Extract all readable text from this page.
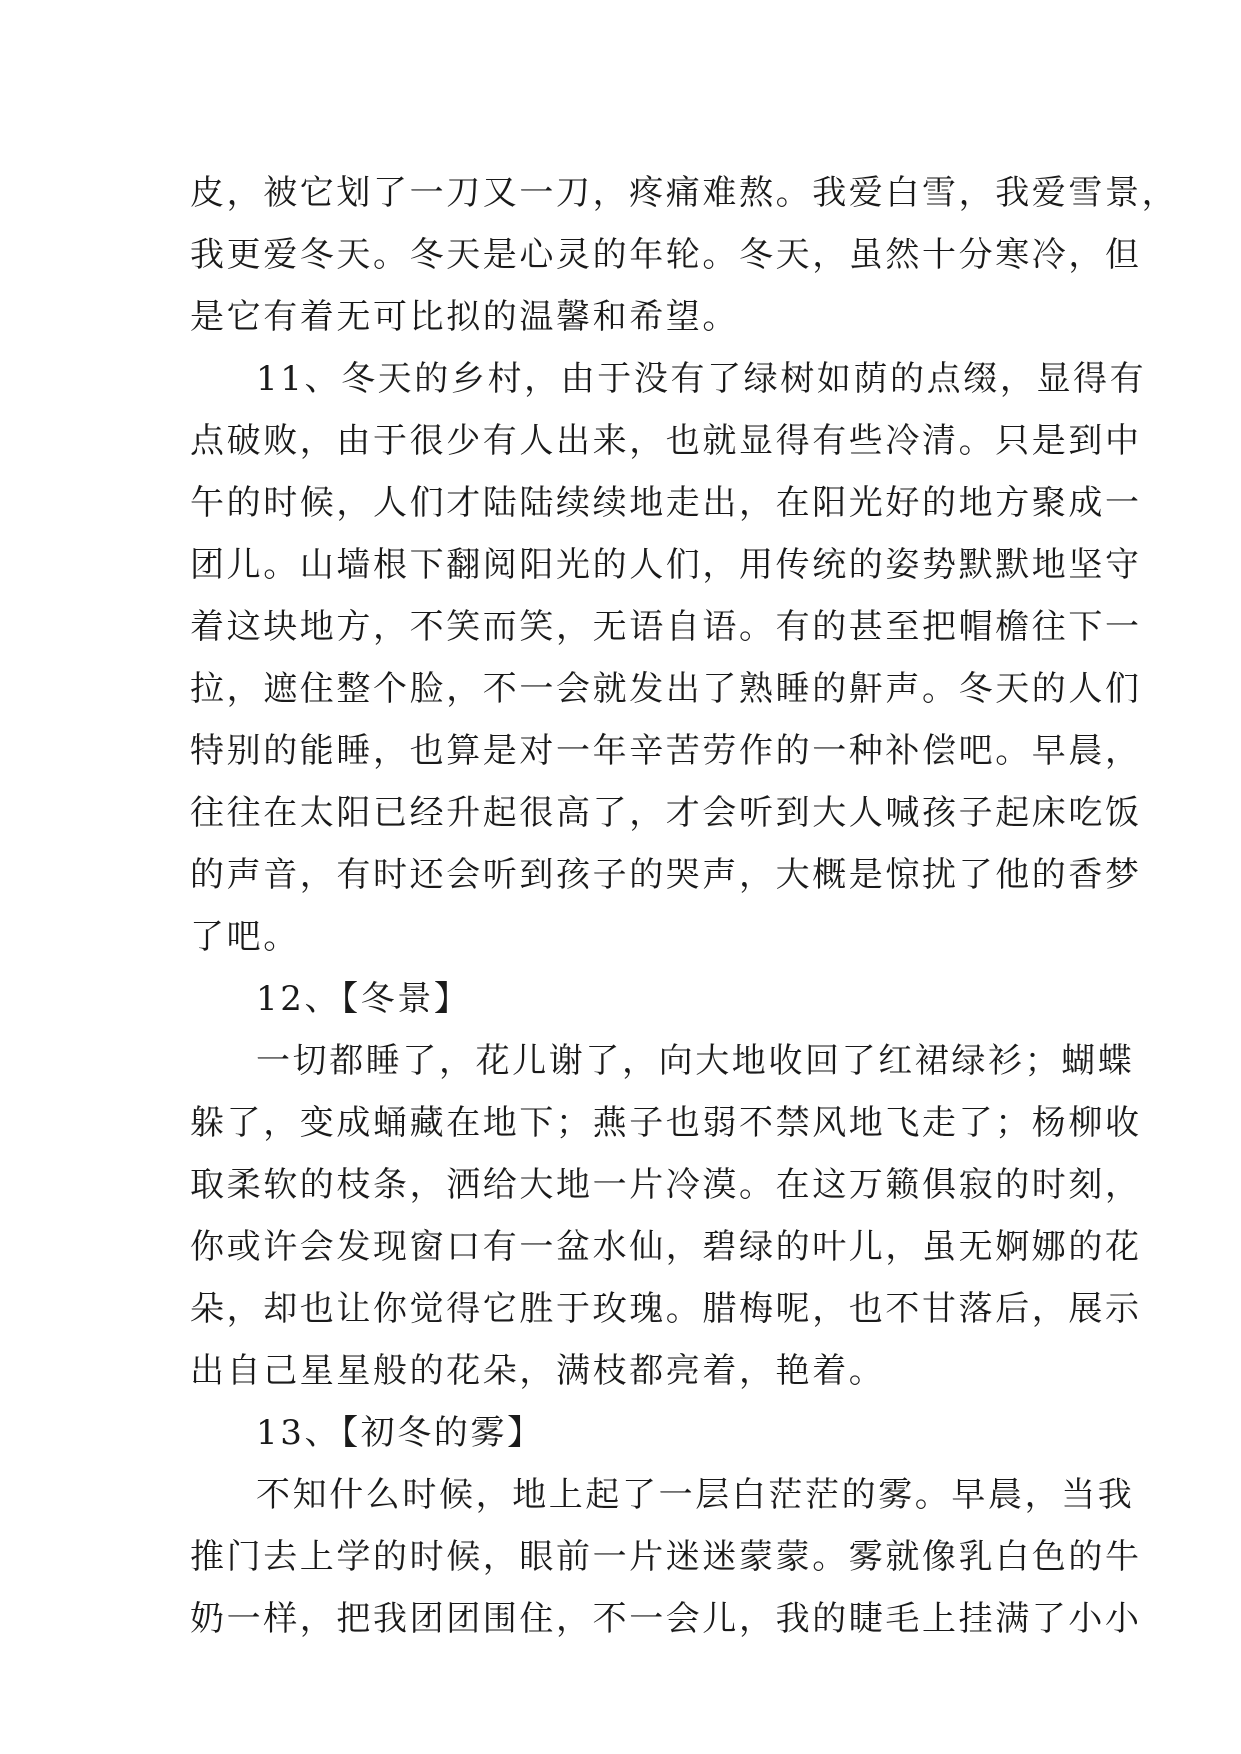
皮，被它划了一刀又一刀，疼痛难熬。我爱白雪，我爱雪景，
我更爱冬天。冬天是心灵的年轮。冬天，虽然十分寒冷，但
是它有着无可比拟的温馨和希望。
11、冬天的乡村，由于没有了绿树如荫的点缀，显得有
点破败，由于很少有人出来，也就显得有些冷清。只是到中
午的时候，人们才陆陆续续地走出，在阳光好的地方聚成一
团儿。山墙根下翻阅阳光的人们，用传统的姿势默默地坚守
着这块地方，不笑而笑，无语自语。有的甚至把帽檐往下一
拉，遮住整个脸，不一会就发出了熟睡的鼾声。冬天的人们
特别的能睡，也算是对一年辛苦劳作的一种补偿吧。早晨，
往往在太阳已经升起很高了，才会听到大人喊孩子起床吃饭
的声音，有时还会听到孩子的哭声，大概是惊扰了他的香梦
了吧。
12、【冬景】
一切都睡了，花儿谢了，向大地收回了红裙绿衫；蝴蝶
躲了，变成蛹藏在地下；燕子也弱不禁风地飞走了；杨柳收
取柔软的枝条，洒给大地一片冷漠。在这万籁俱寂的时刻，
你或许会发现窗口有一盆水仙，碧绿的叶儿，虽无婀娜的花
朵，却也让你觉得它胜于玫瑰。腊梅呢，也不甘落后，展示
出自己星星般的花朵，满枝都亮着，艳着。
13、【初冬的雾】
不知什么时候，地上起了一层白茫茫的雾。早晨，当我
推门去上学的时候，眼前一片迷迷蒙蒙。雾就像乳白色的牛
奶一样，把我团团围住，不一会儿，我的睫毛上挂满了小小
